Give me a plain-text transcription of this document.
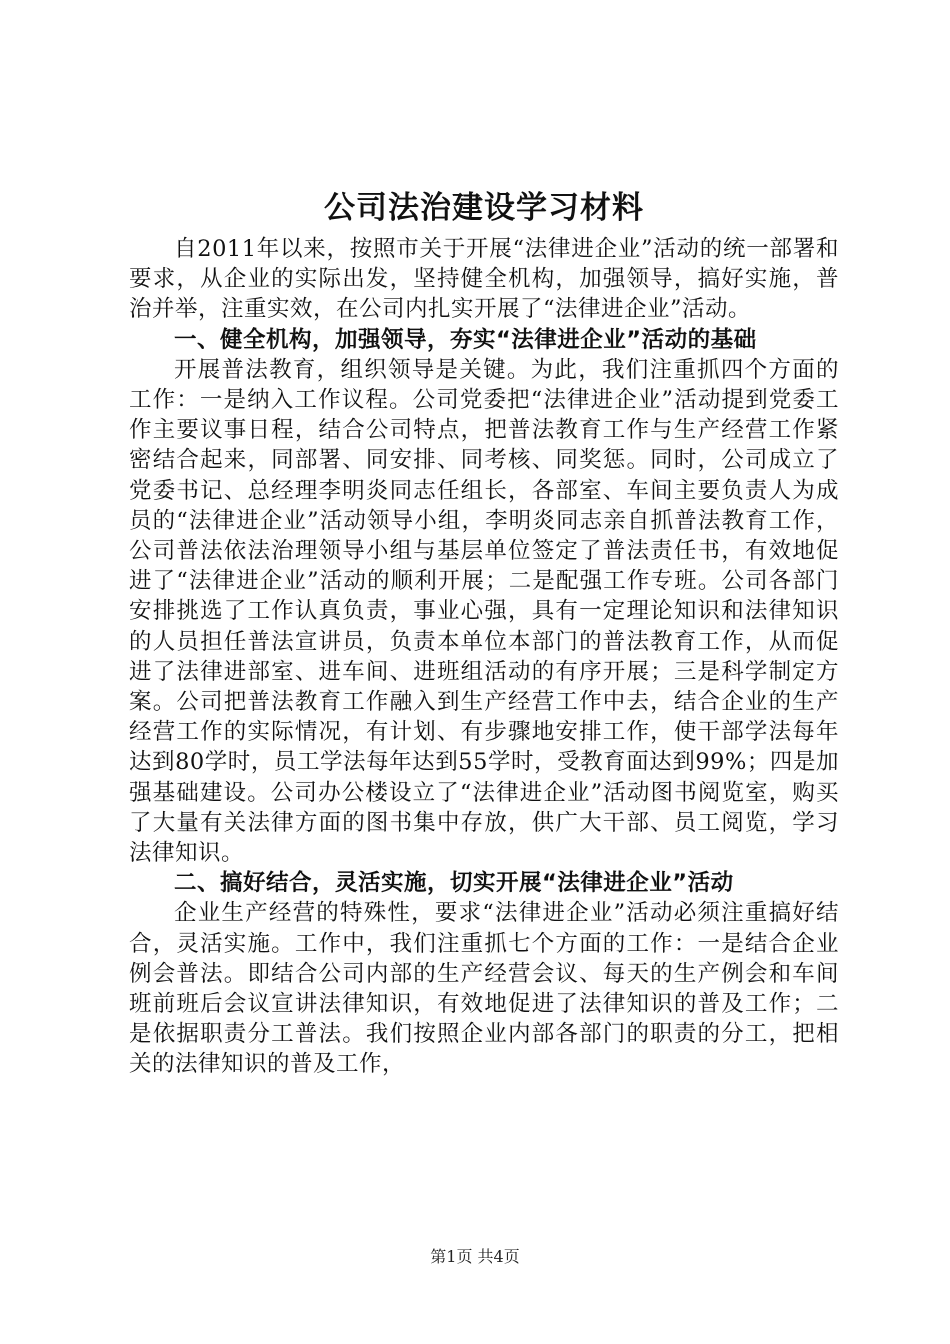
公司法治建设学习材料

自2011年以来，按照市关于开展“法律进企业”活动的统一部署和要求，从企业的实际出发，坚持健全机构，加强领导，搞好实施，普治并举，注重实效，在公司内扎实开展了“法律进企业”活动。

一、健全机构，加强领导，夯实“法律进企业”活动的基础

开展普法教育，组织领导是关键。为此，我们注重抓四个方面的工作：一是纳入工作议程。公司党委把“法律进企业”活动提到党委工作主要议事日程，结合公司特点，把普法教育工作与生产经营工作紧密结合起来，同部署、同安排、同考核、同奖惩。同时，公司成立了党委书记、总经理李明炎同志任组长，各部室、车间主要负责人为成员的“法律进企业”活动领导小组，李明炎同志亲自抓普法教育工作，公司普法依法治理领导小组与基层单位签定了普法责任书，有效地促进了“法律进企业”活动的顺利开展；二是配强工作专班。公司各部门安排挑选了工作认真负责，事业心强，具有一定理论知识和法律知识的人员担任普法宣讲员，负责本单位本部门的普法教育工作，从而促进了法律进部室、进车间、进班组活动的有序开展；三是科学制定方案。公司把普法教育工作融入到生产经营工作中去，结合企业的生产经营工作的实际情况，有计划、有步骤地安排工作，使干部学法每年达到80学时，员工学法每年达到55学时，受教育面达到99%；四是加强基础建设。公司办公楼设立了“法律进企业”活动图书阅览室，购买了大量有关法律方面的图书集中存放，供广大干部、员工阅览，学习法律知识。

二、搞好结合，灵活实施，切实开展“法律进企业”活动

企业生产经营的特殊性，要求“法律进企业”活动必须注重搞好结合，灵活实施。工作中，我们注重抓七个方面的工作：一是结合企业例会普法。即结合公司内部的生产经营会议、每天的生产例会和车间班前班后会议宣讲法律知识，有效地促进了法律知识的普及工作；二是依据职责分工普法。我们按照企业内部各部门的职责的分工，把相关的法律知识的普及工作，

第1页 共4页
